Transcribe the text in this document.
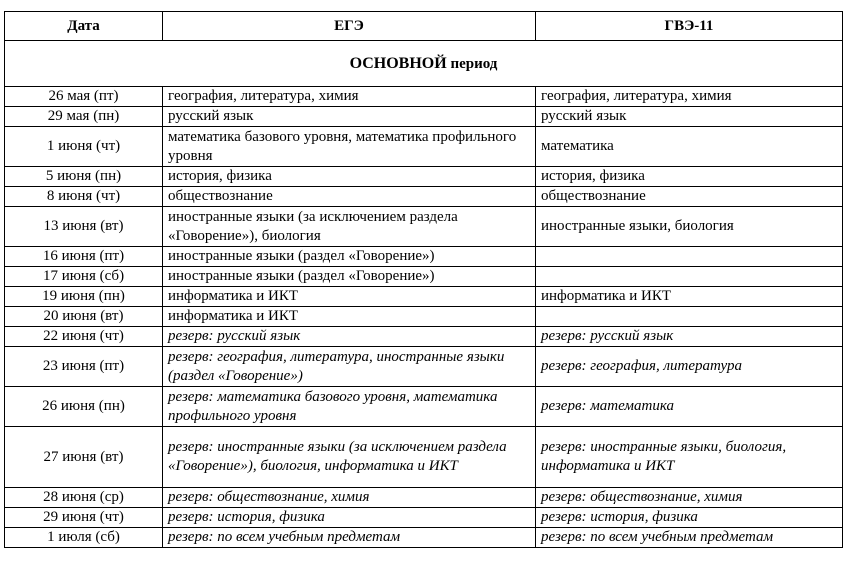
Дата	ЕГЭ	ГВЭ-11
ОСНОВНОЙ период		
26 мая (пт)	география, литература, химия	география, литература, химия
29 мая (пн)	русский язык	русский язык
1 июня (чт)	математика базового уровня, математика профильного уровня	математика
5 июня (пн)	история, физика	история, физика
8 июня (чт)	обществознание	обществознание
13 июня (вт)	иностранные языки (за исключением раздела «Говорение»), биология	иностранные языки, биология
16 июня (пт)	иностранные языки (раздел «Говорение»)	
17 июня (сб)	иностранные языки (раздел «Говорение»)	
19 июня (пн)	информатика и ИКТ	информатика и ИКТ
20 июня (вт)	информатика и ИКТ	
22 июня (чт)	резерв: русский язык	резерв: русский язык
23 июня (пт)	резерв: география, литература, иностранные языки (раздел «Говорение»)	резерв: география, литература
26 июня (пн)	резерв: математика базового уровня, математика профильного уровня	резерв: математика
27 июня (вт)	резерв: иностранные языки (за исключением раздела «Говорение»), биология, информатика и ИКТ	резерв: иностранные языки, биология, информатика и ИКТ
28 июня (ср)	резерв: обществознание, химия	резерв: обществознание, химия
29 июня (чт)	резерв: история, физика	резерв: история, физика
1 июля (сб)	резерв: по всем учебным предметам	резерв: по всем учебным предметам
